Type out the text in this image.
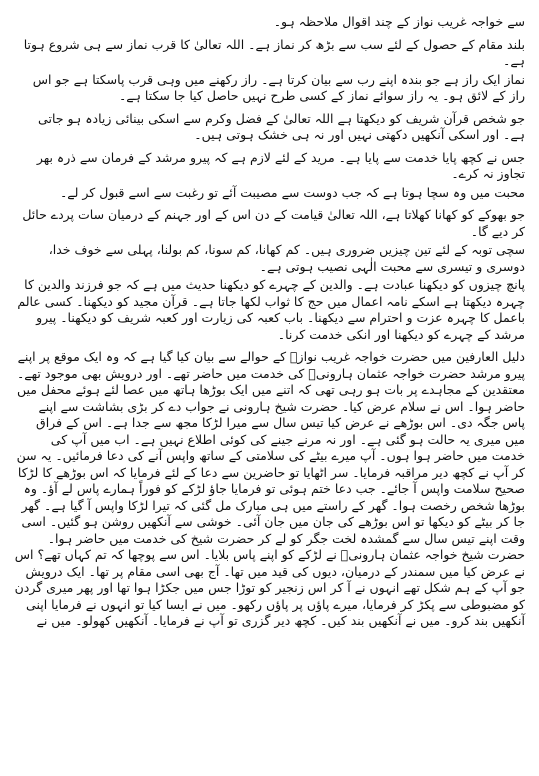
سے خواجہ غریب نواز کے چند اقوال ملاحظہ ہو۔

بلند مقام کے حصول کے لئے سب سے بڑھ کر نماز ہے۔ اللہ تعالیٰ کا قرب نماز سے ہی شروع ہوتا ہے۔

نماز ایک راز ہے جو بندہ اپنے رب سے بیان کرتا ہے۔ راز رکھنے میں وہی قرب پاسکتا ہے جو اس راز کے لائق ہو۔ یہ راز سوائے نماز کے کسی طرح نہیں حاصل کیا جا سکتا ہے۔

جو شخص قرآن شریف کو دیکھتا ہے اللہ تعالیٰ کے فضل وکرم سے اسکی بینائی زیادہ ہو جاتی ہے۔ اور اسکی آنکھیں دکھتی نہیں اور نہ ہی خشک ہوتی ہیں۔

جس نے کچھ پایا خدمت سے پایا ہے۔ مرید کے لئے لازم ہے کہ پیرو مرشد کے فرمان سے ذرہ بھر تجاوز نہ کرے۔

محبت میں وہ سچا ہوتا ہے کہ جب دوست سے مصیبت آئے تو رغبت سے اسے قبول کر لے۔

جو بھوکے کو کھانا کھلاتا ہے، اللہ تعالیٰ قیامت کے دن اس کے اور جہنم کے درمیان سات پردے حائل کر دیے گا۔

سچی توبہ کے لئے تین چیزیں ضروری ہیں۔ کم کھانا، کم سونا، کم بولنا، پہلی سے خوف خدا، دوسری و تیسری سے محبت الٰہی نصیب ہوتی ہے۔

پانچ چیزوں کو دیکھنا عبادت ہے۔ والدین کے چہرے کو دیکھنا حدیث میں ہے کہ جو فرزند والدین کا چہرہ دیکھتا ہے اسکے نامہ اعمال میں حج کا ثواب لکھا جاتا ہے۔ قرآن مجید کو دیکھنا۔ کسی عالم باعمل کا چہرہ عزت و احترام سے دیکھنا۔ باب کعبہ کی زیارت اور کعبہ شریف کو دیکھنا۔ پیرو مرشد کے چہرے کو دیکھنا اور انکی خدمت کرنا۔

دلیل العارفین میں حضرت خواجہ غریب نوازؒ کے حوالے سے بیان کیا گیا ہے کہ وہ ایک موقع پر اپنے پیرو مرشد حضرت خواجہ عثمان ہارونیؒ کی خدمت میں حاضر تھے۔ اور درویش بھی موجود تھے۔ معتقدین کے مجاہدے پر بات ہو رہی تھی کہ اتنے میں ایک بوڑھا ہاتھ میں عصا لئے ہوئے محفل میں حاضر ہوا۔ اس نے سلام عرض کیا۔ حضرت شیخ ہارونی نے جواب دے کر بڑی بشاشت سے اپنے پاس جگہ دی۔ اس بوڑھے نے عرض کیا تیس سال سے میرا لڑکا مجھ سے جدا ہے۔ اس کے فراق میں میری یہ حالت ہو گئی ہے۔ اور نہ مرنے جینے کی کوئی اطلاع نہیں ہے۔ اب میں آپ کی خدمت میں حاضر ہوا ہوں۔ آپ میرے بیٹے کی سلامتی کے ساتھ واپس آنے کی دعا فرمائیں۔ یہ سن کر آپ نے کچھ دیر مراقبہ فرمایا۔ سر اٹھایا تو حاضرین سے دعا کے لئے فرمایا کہ اس بوڑھے کا لڑکا صحیح سلامت واپس آ جائے۔ جب دعا ختم ہوئی تو فرمایا جاؤ لڑکے کو فوراً ہمارے پاس لے آؤ۔ وہ بوڑھا شخص رخصت ہوا۔ گھر کے راستے میں ہی مبارک مل گئی کہ تیرا لڑکا واپس آ گیا ہے۔ گھر جا کر بیٹے کو دیکھا تو اس بوڑھے کی جان میں جان آئی۔ خوشی سے آنکھیں روشن ہو گئیں۔ اسی وقت اپنے تیس سال سے گمشدہ لخت جگر کو لے کر حضرت شیخ کی خدمت میں حاضر ہوا۔ حضرت شیخ خواجہ عثمان ہارونیؒ نے لڑکے کو اپنے پاس بلایا۔ اس سے پوچھا کہ تم کہاں تھے؟ اس نے عرض کیا میں سمندر کے درمیان، دیوں کی قید میں تھا۔ آج بھی اسی مقام پر تھا۔ ایک درویش جو آپ کے ہم شکل تھے انہوں نے آ کر اس زنجیر کو توڑا جس میں جکڑا ہوا تھا اور پھر میری گردن کو مضبوطی سے پکڑ کر فرمایا، میرے پاؤں پر پاؤں رکھو۔ میں نے ایسا کیا تو انہوں نے فرمایا اپنی آنکھیں بند کرو۔ میں نے آنکھیں بند کیں۔ کچھ دیر گزری تو آپ نے فرمایا۔ آنکھیں کھولو۔ میں نے
